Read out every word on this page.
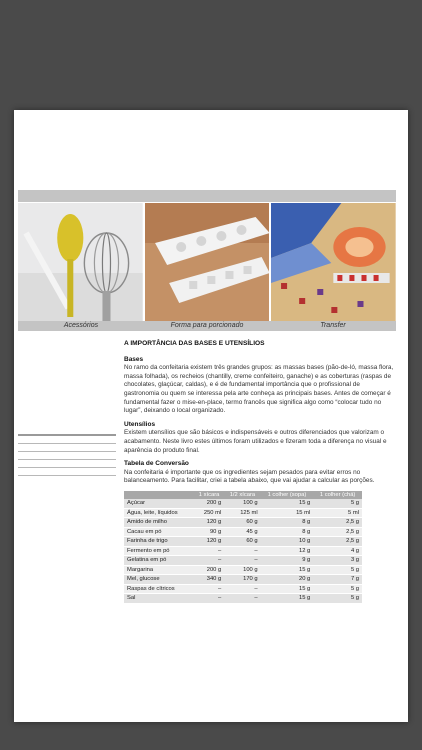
Acessórios	Forma para porcionado	Transfer
A IMPORTÂNCIA DAS BASES E UTENSÍLIOS
Bases

No ramo da confeitaria existem três grandes grupos: as massas bases (pão-de-ló, massa flora, massa folhada), os recheios (chantilly, creme confeiteiro, ganache) e as coberturas (raspas de chocolates, glaçúcar, caldas), e é de fundamental importância que o profissional de gastronomia ou quem se interessa pela arte conheça as principais bases. Antes de começar é fundamental fazer o mise-en-place, termo francês que significa algo como “colocar tudo no lugar”, deixando o local organizado.

Utensílios

Existem utensílios que são básicos e indispensáveis e outros diferenciados que valorizam o acabamento. Neste livro estes últimos foram utilizados e fizeram toda a diferença no visual e aparência do produto final.

Tabela de Conversão

Na confeitaria é importante que os ingredientes sejam pesados para evitar erros no balanceamento. Para facilitar, criei a tabela abaixo, que vai ajudar a calcular as porções.

	1 xícara	1/2 xícara	1 colher (sopa)	1 colher (chá)
Açúcar	200 g	100 g	15 g	5 g
Água, leite, líquidos	250 ml	125 ml	15 ml	5 ml
Amido de milho	120 g	60 g	8 g	2,5 g
Cacau em pó	90 g	45 g	8 g	2,5 g
Farinha de trigo	120 g	60 g	10 g	2,5 g
Fermento em pó	–	–	12 g	4 g
Gelatina em pó	–	–	9 g	3 g
Margarina	200 g	100 g	15 g	5 g
Mel, glucose	340 g	170 g	20 g	7 g
Raspas de cítricos	–	–	15 g	5 g
Sal	–	–	15 g	5 g
